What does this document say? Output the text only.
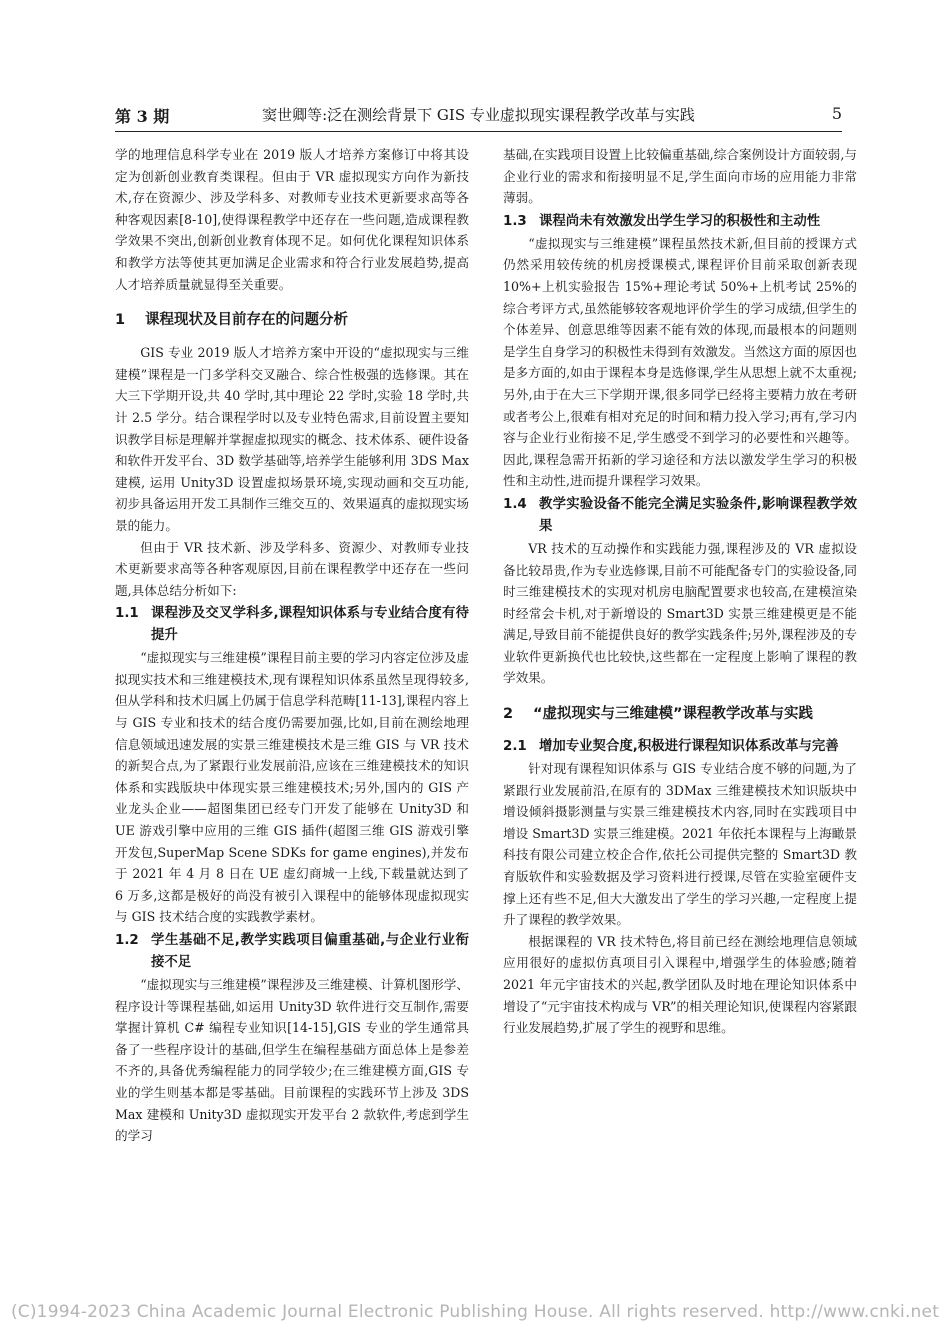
第 3 期	窦世卿等:泛在测绘背景下 GIS 专业虚拟现实课程教学改革与实践	5

学的地理信息科学专业在 2019 版人才培养方案修订中将其设定为创新创业教育类课程。但由于 VR 虚拟现实方向作为新技术,存在资源少、涉及学科多、对教师专业技术更新要求高等各种客观因素[8-10],使得课程教学中还存在一些问题,造成课程教学效果不突出,创新创业教育体现不足。如何优化课程知识体系和教学方法等使其更加满足企业需求和符合行业发展趋势,提高人才培养质量就显得至关重要。

1	课程现状及目前存在的问题分析

GIS 专业 2019 版人才培养方案中开设的“虚拟现实与三维建模”课程是一门多学科交叉融合、综合性极强的选修课。其在大三下学期开设,共 40 学时,其中理论 22 学时,实验 18 学时,共计 2.5 学分。结合课程学时以及专业特色需求,目前设置主要知识教学目标是理解并掌握虚拟现实的概念、技术体系、硬件设备和软件开发平台、3D 数学基础等,培养学生能够利用 3DS Max 建模, 运用 Unity3D 设置虚拟场景环境,实现动画和交互功能,初步具备运用开发工具制作三维交互的、效果逼真的虚拟现实场景的能力。

但由于 VR 技术新、涉及学科多、资源少、对教师专业技术更新要求高等各种客观原因,目前在课程教学中还存在一些问题,具体总结分析如下:

1.1 课程涉及交叉学科多,课程知识体系与专业结合度有待提升

“虚拟现实与三维建模”课程目前主要的学习内容定位涉及虚拟现实技术和三维建模技术,现有课程知识体系虽然呈现得较多,但从学科和技术归属上仍属于信息学科范畴[11-13],课程内容上与 GIS 专业和技术的结合度仍需要加强,比如,目前在测绘地理信息领域迅速发展的实景三维建模技术是三维 GIS 与 VR 技术的新契合点,为了紧跟行业发展前沿,应该在三维建模技术的知识体系和实践版块中体现实景三维建模技术;另外,国内的 GIS 产业龙头企业——超图集团已经专门开发了能够在 Unity3D 和 UE 游戏引擎中应用的三维 GIS 插件(超图三维 GIS 游戏引擎开发包,SuperMap Scene SDKs for game engines),并发布于 2021 年 4 月 8 日在 UE 虚幻商城一上线,下载量就达到了 6 万多,这都是极好的尚没有被引入课程中的能够体现虚拟现实与 GIS 技术结合度的实践教学素材。

1.2 学生基础不足,教学实践项目偏重基础,与企业行业衔接不足

“虚拟现实与三维建模”课程涉及三维建模、计算机图形学、程序设计等课程基础,如运用 Unity3D 软件进行交互制作,需要掌握计算机 C# 编程专业知识[14-15],GIS 专业的学生通常具备了一些程序设计的基础,但学生在编程基础方面总体上是参差不齐的,具备优秀编程能力的同学较少;在三维建模方面,GIS 专业的学生则基本都是零基础。目前课程的实践环节上涉及 3DS Max 建模和 Unity3D 虚拟现实开发平台 2 款软件,考虑到学生的学习

基础,在实践项目设置上比较偏重基础,综合案例设计方面较弱,与企业行业的需求和衔接明显不足,学生面向市场的应用能力非常薄弱。

1.3 课程尚未有效激发出学生学习的积极性和主动性

“虚拟现实与三维建模”课程虽然技术新,但目前的授课方式仍然采用较传统的机房授课模式,课程评价目前采取创新表现 10%+上机实验报告 15%+理论考试 50%+上机考试 25%的综合考评方式,虽然能够较客观地评价学生的学习成绩,但学生的个体差异、创意思维等因素不能有效的体现,而最根本的问题则是学生自身学习的积极性未得到有效激发。当然这方面的原因也是多方面的,如由于课程本身是选修课,学生从思想上就不太重视;另外,由于在大三下学期开课,很多同学已经将主要精力放在考研或者考公上,很难有相对充足的时间和精力投入学习;再有,学习内容与企业行业衔接不足,学生感受不到学习的必要性和兴趣等。因此,课程急需开拓新的学习途径和方法以激发学生学习的积极性和主动性,进而提升课程学习效果。

1.4 教学实验设备不能完全满足实验条件,影响课程教学效果

VR 技术的互动操作和实践能力强,课程涉及的 VR 虚拟设备比较昂贵,作为专业选修课,目前不可能配备专门的实验设备,同时三维建模技术的实现对机房电脑配置要求也较高,在建模渲染时经常会卡机,对于新增设的 Smart3D 实景三维建模更是不能满足,导致目前不能提供良好的教学实践条件;另外,课程涉及的专业软件更新换代也比较快,这些都在一定程度上影响了课程的教学效果。

2	“虚拟现实与三维建模”课程教学改革与实践
2.1 增加专业契合度,积极进行课程知识体系改革与完善

针对现有课程知识体系与 GIS 专业结合度不够的问题,为了紧跟行业发展前沿,在原有的 3DMax 三维建模技术知识版块中增设倾斜摄影测量与实景三维建模技术内容,同时在实践项目中增设 Smart3D 实景三维建模。2021 年依托本课程与上海瞰景科技有限公司建立校企合作,依托公司提供完整的 Smart3D 教育版软件和实验数据及学习资料进行授课,尽管在实验室硬件支撑上还有些不足,但大大激发出了学生的学习兴趣,一定程度上提升了课程的教学效果。

根据课程的 VR 技术特色,将目前已经在测绘地理信息领域应用很好的虚拟仿真项目引入课程中,增强学生的体验感;随着 2021 年元宇宙技术的兴起,教学团队及时地在理论知识体系中增设了“元宇宙技术构成与 VR”的相关理论知识,使课程内容紧跟行业发展趋势,扩展了学生的视野和思维。

(C)1994-2023 China Academic Journal Electronic Publishing House. All rights reserved. http://www.cnki.net
